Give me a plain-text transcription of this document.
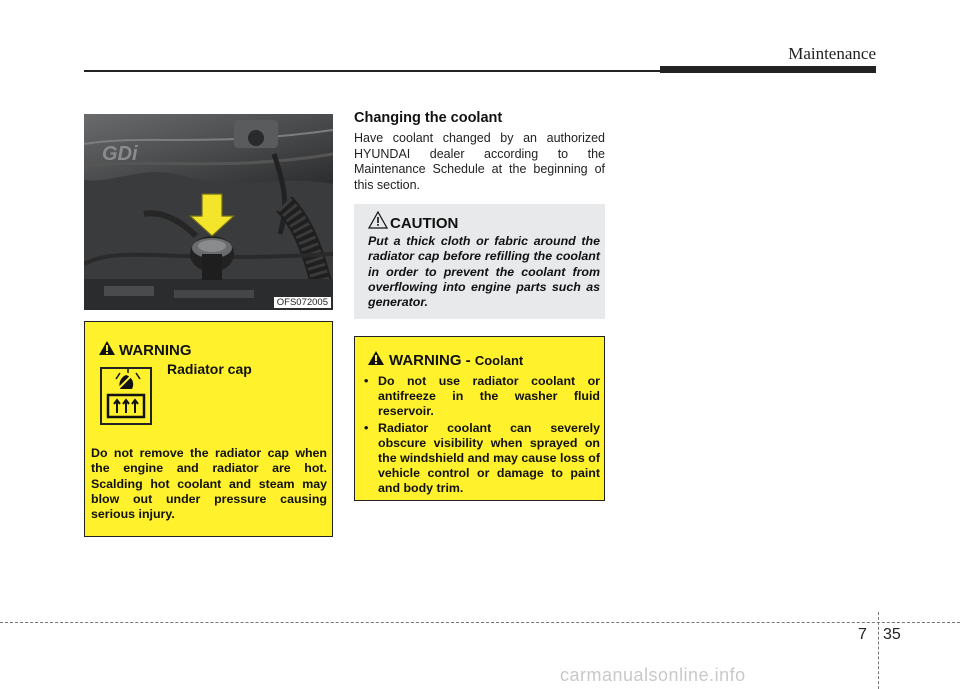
Maintenance
GDi
OFS072005
WARNING
Radiator cap
Do not remove the radiator cap when the engine and radiator are hot. Scalding hot coolant and steam may blow out under pressure causing serious injury.
Changing the coolant
Have coolant changed by an authorized HYUNDAI dealer according to the Maintenance Schedule at the beginning of this section.
CAUTION
Put a thick cloth or fabric around the radiator cap before refilling the coolant in order to prevent the coolant from overflowing into engine parts such as generator.
WARNING - Coolant
• Do not use radiator coolant or antifreeze in the washer fluid reservoir.
• Radiator coolant can severely obscure visibility when sprayed on the windshield and may cause loss of vehicle control or damage to paint and body trim.
7 35
carmanualsonline.info
